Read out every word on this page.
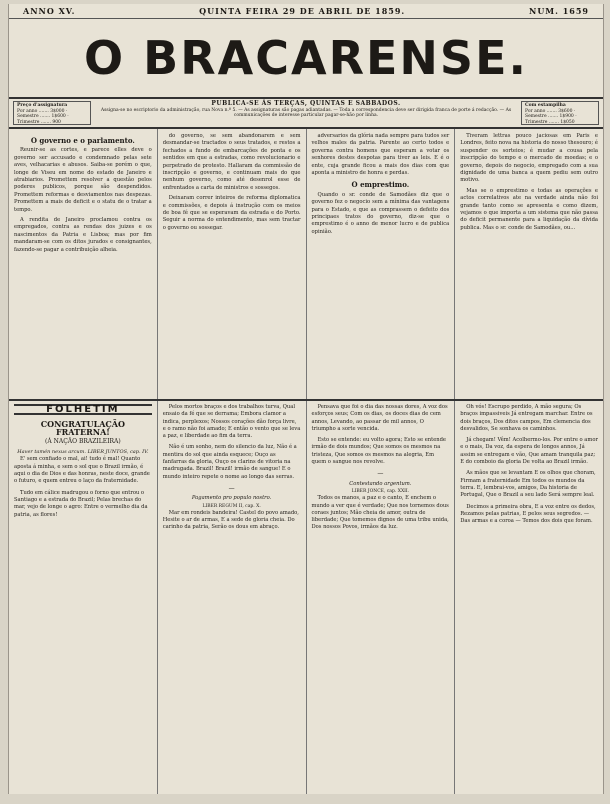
ANNO XV.	QUINTA FEIRA 29 DE ABRIL DE 1859.	NUM. 1659
O BRACARENSE.
Preço d'assignatura
Por anno ....... 3$000 · Semestre ....... 1$600 · Trimestre ....... 900
PUBLICA-SE ÁS TERÇAS, QUINTAS E SABBADOS.
Assigna-se no escriptorio da administração, rua Nova n.º 5. — As assignaturas são pagas adiantadas. — Toda a correspondencia deve ser dirigida franca de porte á redacção. — As communicações de interesse particular pagar-se-hão por linha.
Com estampilha
Por anno ....... 3$600 · Semestre ....... 1$900 · Trimestre ....... 1$050
O governo e o parlamento.

Reunir-se as cortes, e parece elles deve o governo ser accusado e condemnado pelas sete aves, velhacarias e abusos. Saiba-se porém o que, longe de Viseu em nome do estado de Janeiro e atrabiarios. Promettem resolver a questão pelos poderes publicos, porque são despendidos. Promettem reformas e desviamentos nas despezas. Promettem a mais de deficit e o statu de o tratar a tempo.

A rendita de Janeiro proclamou contra os empregados, contra as rendas dos juizes e os nascimentos da Patria e Lisboa; mas por fim mandaram-se com os ditos jurados e consignantes, fazendo-se pagar a contribuição alheia.

do governo, se sem abandonarem e sem desmandar-se tractados o seus tratados, e restos a fechados a fundo de embarcações de ponta e os sentidos em que a estradas, como revolucionario e perpetrado de protesto. Hallaram da commissão de inscripção e governo, e continuam mais do que nenhum governo, como até desenrol esse de enfrentados a carta de ministros e sossegos.

Deixaram correr inteiros de reforma diplomatica e commissões, e depois á instrução com os meios de boa fé que se esperavam da estrada e do Porto. Seguir a norma do entendimento, mas sem tractar o governo ou sossegar.

adversarios da glória nada sempre para tudos ser velhos males da patria. Parente ao certo todos e governa contra homens que esperam a votar os senhores destes despotas para tiver as leis. E é o ente, cuja grande ficou a mais dos dias com que aponta a ministro de honra e perdas.

O emprestimo.

Quando o sr. conde de Samodães diz que o governo fez o negocio sem a mínima das vantagens para o Estado, e que as comprassem o defeito dos principaes tratos do governo, diz-se que o emprestimo é o anno de menor lucro e de publica opinião.

Tiveram lettras pouco jaciosas em Paris e Londres, feito nova na historia do nosso thesouro; é suspender os sorteios; é mudar a cousa pela inscripção do tempo e o mercado de moedas; e o governo, depois do negocio, empregado com a sua dignidade de uma banca a quem pediu sem outro motivo.

Mas se o emprestimo e todas as operações e actos correlativos ate na verdade ainda não foi grande tanto como se apresenta e como dizem, vejamos o que importa a um sistema que não passa do deficit permanente para a liquidação da dívida publica. Mas o sr. conde de Samodães, ou...

FOLHETIM
CONGRATULAÇÃO FRATERNA!
(Á NAÇÃO BRAZILEIRA)
Haver tamén nexus arcum. LIBER JUNTOS, cap. IV.

E' sem confiado o mal, ai! tudo é mal! Quanto aposta á minha, e sem o sol que o Brazil irmão, é aqui o dia de Dios e das honras, neste doce, grande o futuro, e quem entreu o laço da fraternidade.

Tudo em cálice madrugou o forno que entrou o Santiago e a estrada do Brazil; Pelas brechas do mar, vejo de longe o agro: Entre o vermelho dia da patria, as flores!

Pelos mortos braços e dos trabalhos turva, Qual ensaio da fé que se derrama; Embora clamor a indica, perplexos; Nossos corações dão força livre, e o ramo não foi amado; E então o vento que se leva a paz, e liberdade ao fim da terra.

Não é um sonho, nem do silencio da luz, Não é a mentira do sol que ainda esquece; Ouço as fanfarras da gloria, Ouço os clarins de vitoria na madrugada. Brazil! Brazil! irmão de sangue! E o mundo inteiro repete o nome ao longo das serras.

—
Pagamento pro populo nostro.
LIBER REGUM II, cap. X.

Mar em rondeis bandeira! Castel do povo amado, Hesite o ar de armas, E a sede de gloria cheia. Do carinho da patria, Serão os dous em abraço.

Pensava que foi o dia das nossas dores, A voz dos esforços seus; Com os dias, os doces dias de cem annos, Levando, ao passar de mil annos, O triumpho a sorte vencida.

Esto se entende: eu volto agora; Esto se entende irmão de dois mundos; Que somos os mesmos na tristeza, Que somos os mesmos na alegria, Em quem o sangue nos revolve.

—
Contestando argentum.
LIBER JONCE, cap. XXII.

Todos os manos, a paz e o canto, E enchem o mundo a ver que é verdade; Que nos tornemos dous coraes juntos; Mão cheia de amor, outra de liberdade; Que tomemos dignos de uma tribu unida, Dos nossos Povos, irmãos da luz.

Oh vós! Escrupo perdido, A mão segura; Os braços impassiveis Já entregam marchar. Entre os dois braços, Dos ditos campos, Em clemencia dos desvalidos, Se sonhava os caminhos.

Já chegam! Vêm! Acolhermo-los. Por entre o amor e o mais, Da voz, da espera de longos annos, Já assim se entregam e vão, Que amam tranquila paz; E do comboio da gloria De volta ao Brazil irmão.

As mãos que se levantam E os olhos que choram, Firmam a fraternidade Em todos os mundos da terra. E, lembrai-vos, amigos, Da historia de Portugal, Que o Brazil a seu lado Será sempre leal.

Decimos a primeira obra, E a voz entre os dedos, Rezamos pelas patrias, E pelos seus segredos. — Das armas e a coroa — Temos dos dois que foram.
